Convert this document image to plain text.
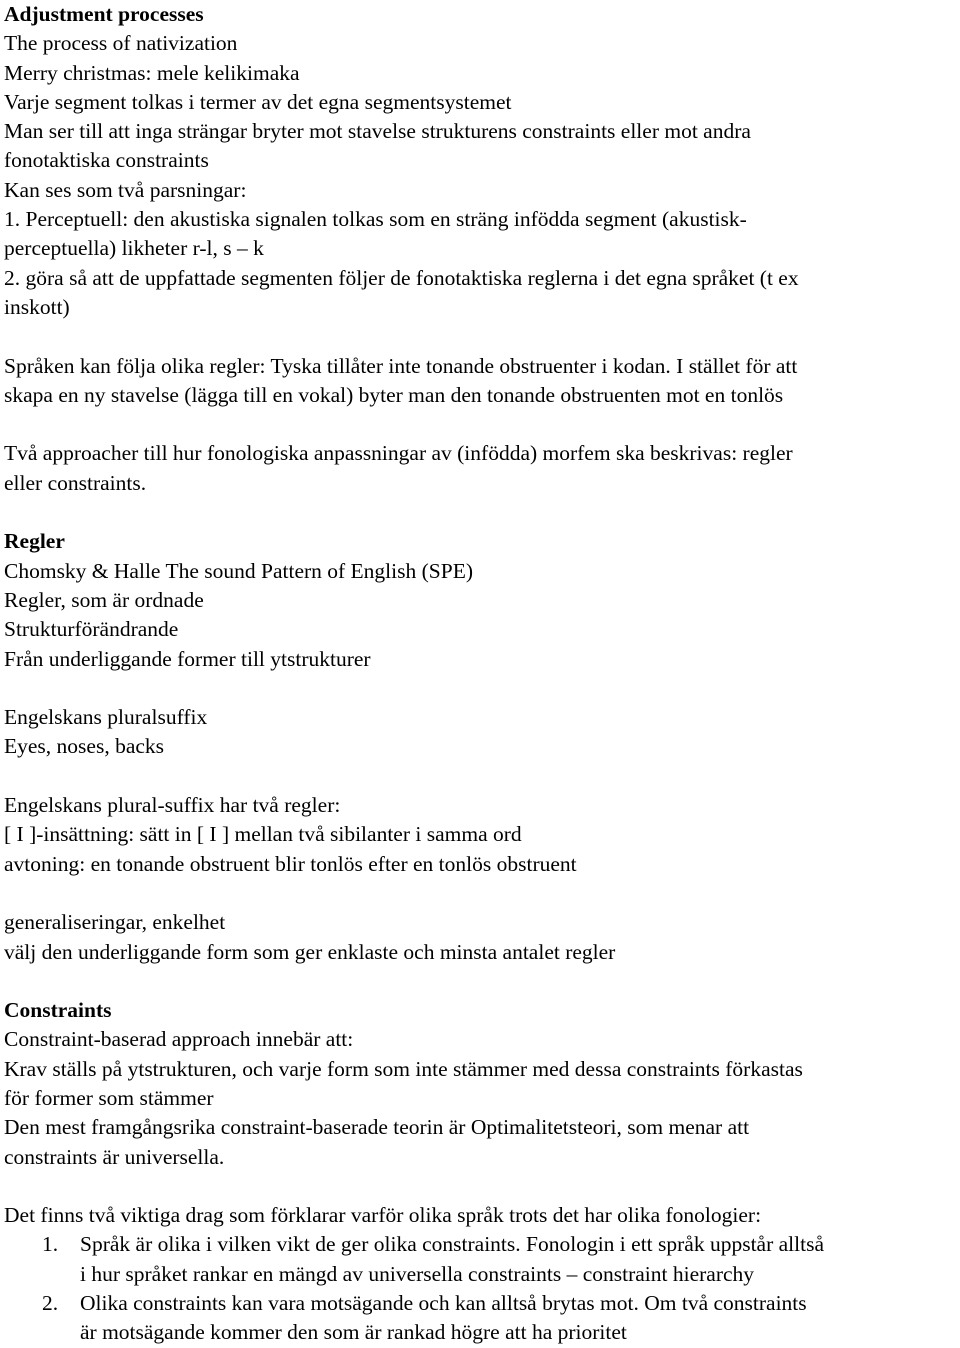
Adjustment processes
The process of nativization
Merry christmas: mele kelikimaka
Varje segment tolkas i termer av det egna segmentsystemet
Man ser till att inga strängar bryter mot stavelse strukturens constraints eller mot andra
fonotaktiska constraints
Kan ses som två parsningar:
1. Perceptuell: den akustiska signalen tolkas som en sträng infödda segment (akustisk-
perceptuella) likheter r-l, s – k
2. göra så att de uppfattade segmenten följer de fonotaktiska reglerna i det egna språket (t ex
inskott)
Språken kan följa olika regler: Tyska tillåter inte tonande obstruenter i kodan. I stället för att
skapa en ny stavelse (lägga till en vokal) byter man den tonande obstruenten mot en tonlös
Två approacher till hur fonologiska anpassningar av (infödda) morfem ska beskrivas: regler
eller constraints.
Regler
Chomsky & Halle The sound Pattern of English (SPE)
Regler, som är ordnade
Strukturförändrande
Från underliggande former till ytstrukturer
Engelskans pluralsuffix
Eyes, noses, backs
Engelskans plural-suffix har två regler:
[ I ]-insättning: sätt in [ I ] mellan två sibilanter i samma ord
avtoning: en tonande obstruent blir tonlös efter en tonlös obstruent
generaliseringar, enkelhet
välj den underliggande form som ger enklaste och minsta antalet regler
Constraints
Constraint-baserad approach innebär att:
Krav ställs på ytstrukturen, och varje form som inte stämmer med dessa constraints förkastas
för former som stämmer
Den mest framgångsrika constraint-baserade teorin är Optimalitetsteori, som menar att
constraints är universella.
Det finns två viktiga drag som förklarar varför olika språk trots det har olika fonologier:
1.	Språk är olika i vilken vikt de ger olika constraints. Fonologin i ett språk uppstår alltså
i hur språket rankar en mängd av universella constraints – constraint hierarchy
2.	Olika constraints kan vara motsägande och kan alltså brytas mot. Om två constraints
är motsägande kommer den som är rankad högre att ha prioritet
